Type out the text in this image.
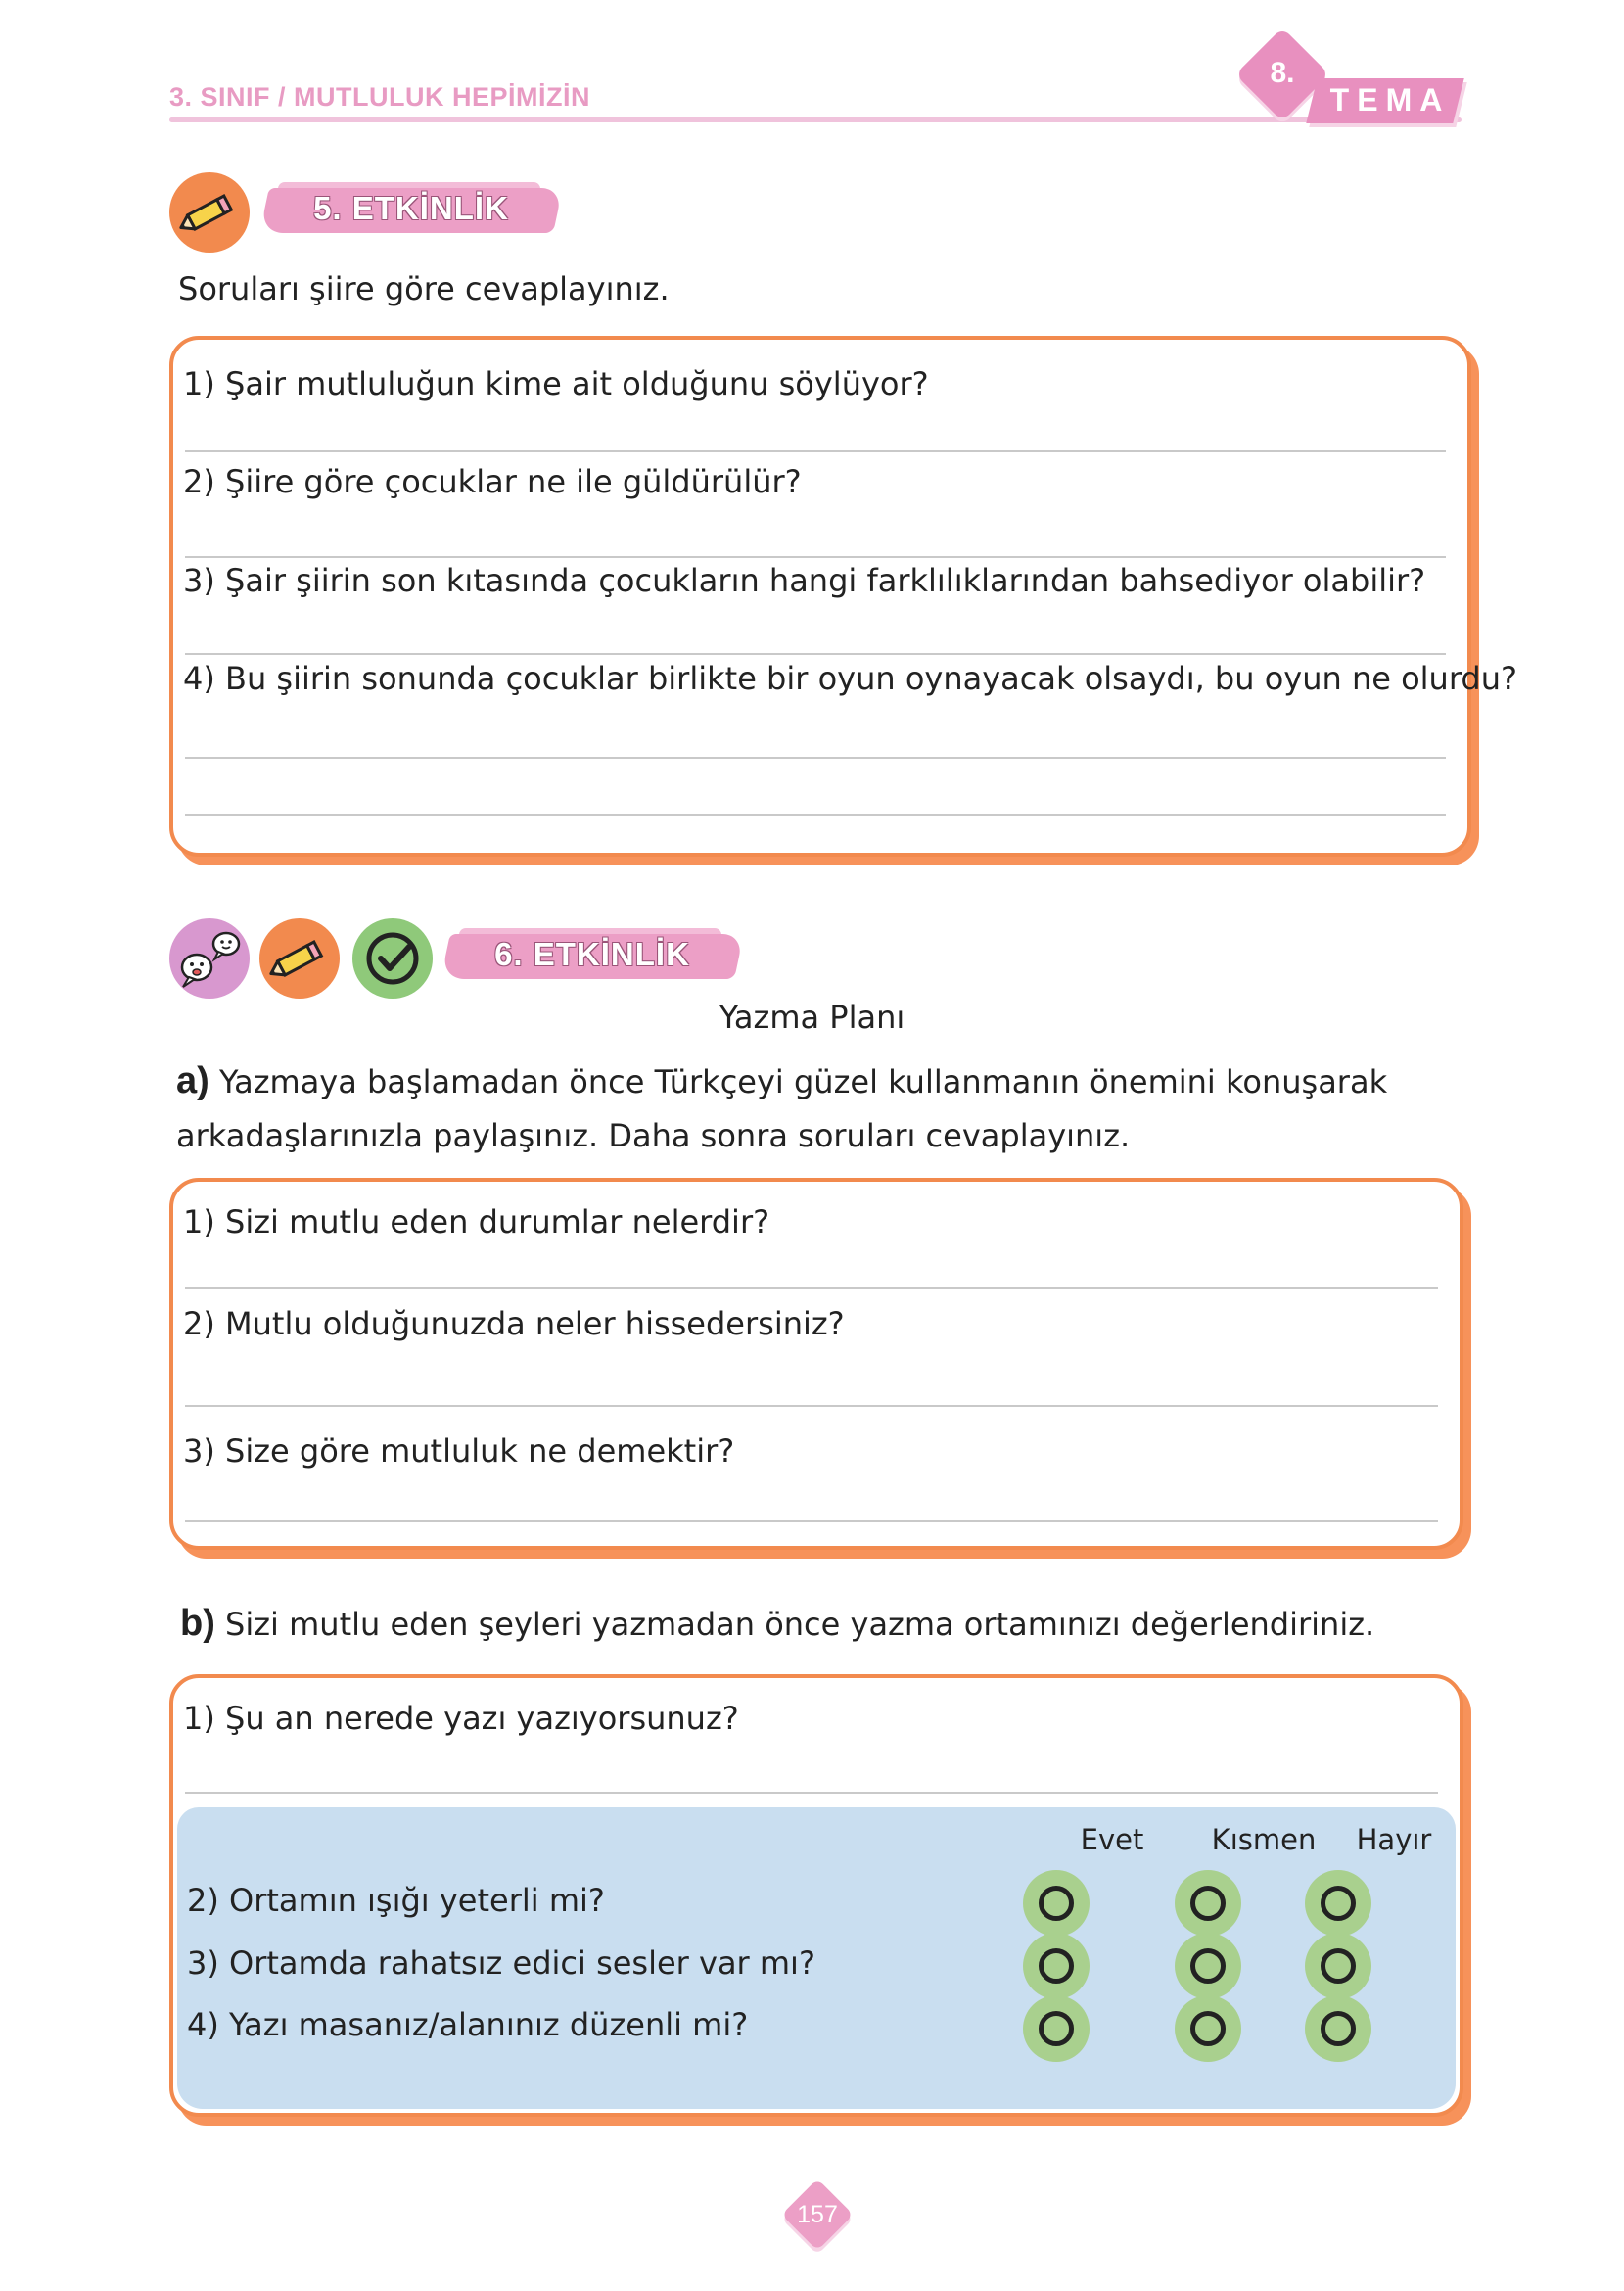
3. SINIF / MUTLULUK HEPİMİZİN
8.
TEMA
5. ETKİNLİK
Soruları şiire göre cevaplayınız.
1) Şair mutluluğun kime ait olduğunu söylüyor?
2) Şiire göre çocuklar ne ile güldürülür?
3) Şair şiirin son kıtasında çocukların hangi farklılıklarından bahsediyor olabilir?
4) Bu şiirin sonunda çocuklar birlikte bir oyun oynayacak olsaydı, bu oyun ne olurdu?
6. ETKİNLİK
Yazma Planı
a) Yazmaya başlamadan önce Türkçeyi güzel kullanmanın önemini konuşarak arkadaşlarınızla paylaşınız. Daha sonra soruları cevaplayınız.
1) Sizi mutlu eden durumlar nelerdir?
2) Mutlu olduğunuzda neler hissedersiniz?
3) Size göre mutluluk ne demektir?
b) Sizi mutlu eden şeyleri yazmadan önce yazma ortamınızı değerlendiriniz.
1) Şu an nerede yazı yazıyorsunuz?
Evet	Kısmen	Hayır
2) Ortamın ışığı yeterli mi?
3) Ortamda rahatsız edici sesler var mı?
4) Yazı masanız/alanınız düzenli mi?
157
